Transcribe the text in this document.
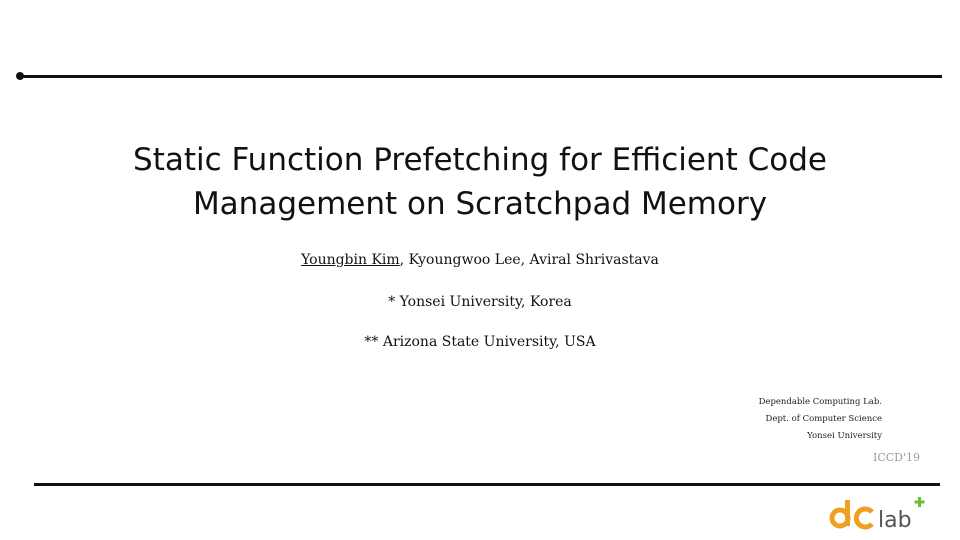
Static Function Prefetching for Efficient Code
Management on Scratchpad Memory
Youngbin Kim, Kyoungwoo Lee, Aviral Shrivastava
* Yonsei University, Korea
** Arizona State University, USA
Dependable Computing Lab.
Dept. of Computer Science
Yonsei University
ICCD'19
lab
